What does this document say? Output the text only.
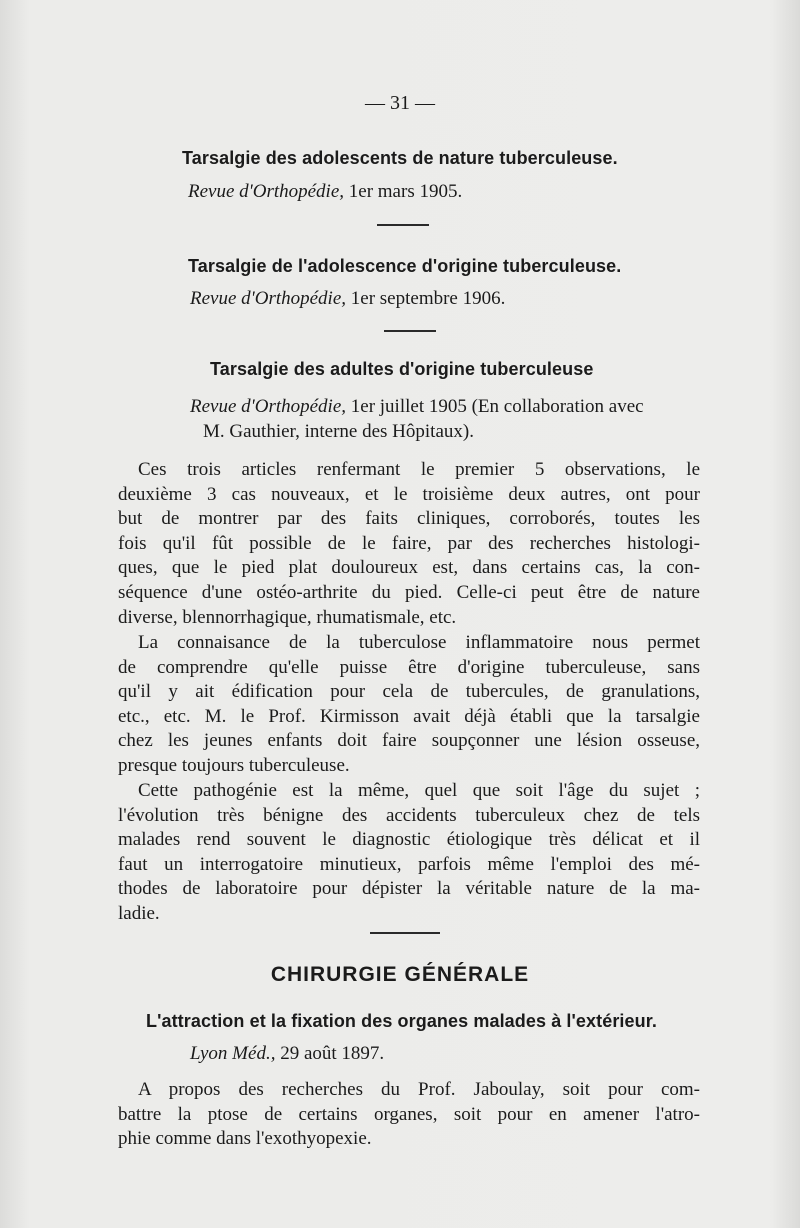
— 31 —
Tarsalgie des adolescents de nature tuberculeuse.
Revue d'Orthopédie, 1er mars 1905.
Tarsalgie de l'adolescence d'origine tuberculeuse.
Revue d'Orthopédie, 1er septembre 1906.
Tarsalgie des adultes d'origine tuberculeuse
Revue d'Orthopédie, 1er juillet 1905 (En collaboration avec
M. Gauthier, interne des Hôpitaux).
Ces trois articles renfermant le premier 5 observations, le
deuxième 3 cas nouveaux, et le troisième deux autres, ont pour
but de montrer par des faits cliniques, corroborés, toutes les
fois qu'il fût possible de le faire, par des recherches histologi-
ques, que le pied plat douloureux est, dans certains cas, la con-
séquence d'une ostéo-arthrite du pied. Celle-ci peut être de nature
diverse, blennorrhagique, rhumatismale, etc.
La connaisance de la tuberculose inflammatoire nous permet
de comprendre qu'elle puisse être d'origine tuberculeuse, sans
qu'il y ait édification pour cela de tubercules, de granulations,
etc., etc. M. le Prof. Kirmisson avait déjà établi que la tarsalgie
chez les jeunes enfants doit faire soupçonner une lésion osseuse,
presque toujours tuberculeuse.
Cette pathogénie est la même, quel que soit l'âge du sujet ;
l'évolution très bénigne des accidents tuberculeux chez de tels
malades rend souvent le diagnostic étiologique très délicat et il
faut un interrogatoire minutieux, parfois même l'emploi des mé-
thodes de laboratoire pour dépister la véritable nature de la ma-
ladie.
CHIRURGIE GÉNÉRALE
L'attraction et la fixation des organes malades à l'extérieur.
Lyon Méd., 29 août 1897.
A propos des recherches du Prof. Jaboulay, soit pour com-
battre la ptose de certains organes, soit pour en amener l'atro-
phie comme dans l'exothyopexie.
